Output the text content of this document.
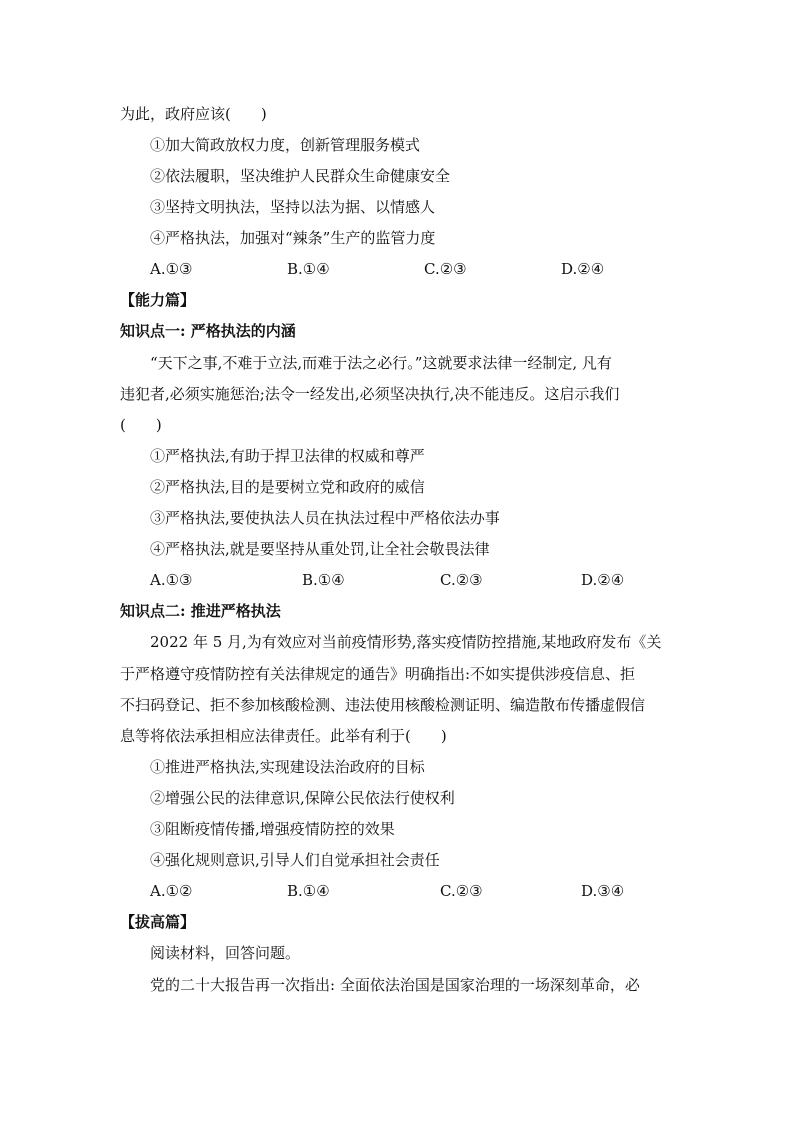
为此，政府应该(　　)
①加大简政放权力度，创新管理服务模式
②依法履职，坚决维护人民群众生命健康安全
③坚持文明执法，坚持以法为据、以情感人
④严格执法，加强对“辣条”生产的监管力度
A.①③	B.①④	C.②③	D.②④
【能力篇】
知识点一: 严格执法的内涵
“天下之事,不难于立法,而难于法之必行。”这就要求法律一经制定, 凡有
违犯者,必须实施惩治;法令一经发出,必须坚决执行,决不能违反。这启示我们
(　　)
①严格执法,有助于捍卫法律的权威和尊严
②严格执法,目的是要树立党和政府的威信
③严格执法,要使执法人员在执法过程中严格依法办事
④严格执法,就是要坚持从重处罚,让全社会敬畏法律
A.①③	B.①④	C.②③	D.②④
知识点二: 推进严格执法
2022 年 5 月,为有效应对当前疫情形势,落实疫情防控措施,某地政府发布《关
于严格遵守疫情防控有关法律规定的通告》明确指出:不如实提供涉疫信息、拒
不扫码登记、拒不参加核酸检测、违法使用核酸检测证明、编造散布传播虚假信
息等将依法承担相应法律责任。此举有利于(　　)
①推进严格执法,实现建设法治政府的目标
②增强公民的法律意识,保障公民依法行使权利
③阻断疫情传播,增强疫情防控的效果
④强化规则意识,引导人们自觉承担社会责任
A.①②	B.①④	C.②③	D.③④
【拔高篇】
阅读材料，回答问题。
党的二十大报告再一次指出: 全面依法治国是国家治理的一场深刻革命，必
